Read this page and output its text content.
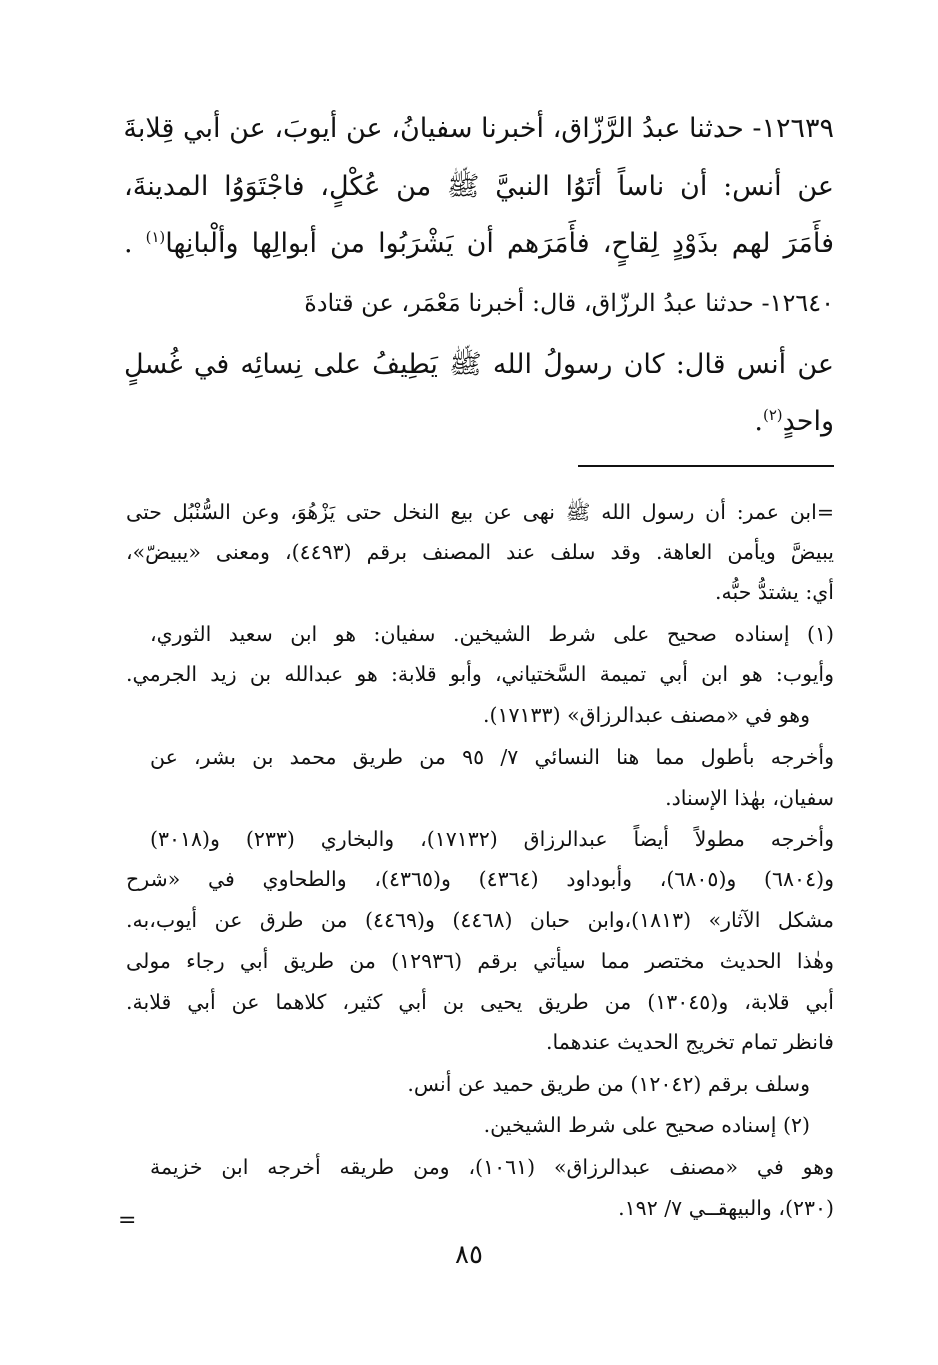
١٢٦٣٩- حدثنا عبدُ الرَّزّاق، أخبرنا سفيانُ، عن أيوبَ، عن أبي قِلابةَ
عن أنس: أن ناساً أتَوُا النبيَّ ﷺ من عُكْلٍ، فاجْتَوَوُا المدينةَ،
فأَمَرَ لهم بذَوْدٍ لِقاحٍ، فأَمَرَهم أن يَشْرَبُوا من أبوالِها وألْبانِها$^{(١)}$ .
١٢٦٤٠- حدثنا عبدُ الرزّاق، قال: أخبرنا مَعْمَر، عن قتادةَ
عن أنس قال: كان رسولُ الله ﷺ يَطِيفُ على نِسائِه في غُسلٍ
واحدٍ$^{(٢)}$.
=ابن عمر: أن رسول الله ﷺ نهى عن بيع النخل حتى يَزْهُوَ، وعن السُّنْبُل حتى
يبيضَّ ويأمن العاهة. وقد سلف عند المصنف برقم (٤٤٩٣)، ومعنى «يبيضّ»،
أي: يشتدُّ حبُّه.
(١) إسناده صحيح على شرط الشيخين. سفيان: هو ابن سعيد الثوري،
وأيوب: هو ابن أبي تميمة السَّختياني، وأبو قلابة: هو عبدالله بن زيد الجرمي.
وهو في «مصنف عبدالرزاق» (١٧١٣٣).
وأخرجه بأطول مما هنا النسائي ٧/ ٩٥ من طريق محمد بن بشر، عن
سفيان، بهٰذا الإسناد.
وأخرجه مطولاً أيضاً عبدالرزاق (١٧١٣٢)، والبخاري (٢٣٣) و(٣٠١٨)
و(٦٨٠٤) و(٦٨٠٥)، وأبوداود (٤٣٦٤) و(٤٣٦٥)، والطحاوي في «شرح
مشكل الآثار» (١٨١٣)،وابن حبان (٤٤٦٨) و(٤٤٦٩) من طرق عن أيوب،به.
وهٰذا الحديث مختصر مما سيأتي برقم (١٢٩٣٦) من طريق أبي رجاء مولى
أبي قلابة، و(١٣٠٤٥) من طريق يحيى بن أبي كثير، كلاهما عن أبي قلابة.
فانظر تمام تخريج الحديث عندهما.
وسلف برقم (١٢٠٤٢) من طريق حميد عن أنس.
(٢) إسناده صحيح على شرط الشيخين.
وهو في «مصنف عبدالرزاق» (١٠٦١)، ومن طريقه أخرجه ابن خزيمة
(٢٣٠)، والبيهقــي ٧/ ١٩٢.
=
٨٥
